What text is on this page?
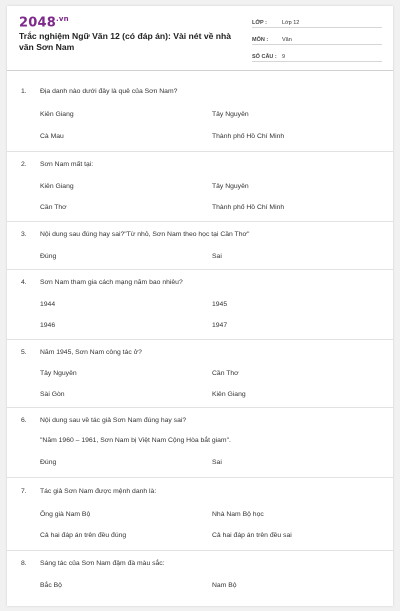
$2048^{.vn}$
Trắc nghiệm Ngữ Văn 12 (có đáp án): Vài nét về nhà văn Sơn Nam
LỚP :	Lớp 12
MÔN :	Văn
SỐ CÂU : 9
1. Địa danh nào dưới đây là quê của Sơn Nam?
Kiên Giang	Tây Nguyên
Cà Mau	Thành phố Hồ Chí Minh
2. Sơn Nam mất tại:
Kiên Giang	Tây Nguyên
Cần Thơ	Thành phố Hồ Chí Minh
3. Nội dung sau đúng hay sai?"Từ nhỏ, Sơn Nam theo học tại Cần Thơ"
Đúng	Sai
4. Sơn Nam tham gia cách mạng năm bao nhiêu?
1944	1945
1946	1947
5. Năm 1945, Sơn Nam công tác ở?
Tây Nguyên	Cần Thơ
Sài Gòn	Kiên Giang
6. Nội dung sau về tác giả Sơn Nam đúng hay sai?
"Năm 1960 – 1961, Sơn Nam bị Việt Nam Cộng Hòa bắt giam".
Đúng	Sai
7. Tác giả Sơn Nam được mệnh danh là:
Ông già Nam Bộ	Nhà Nam Bộ học
Cả hai đáp án trên đều đúng	Cả hai đáp án trên đều sai
8. Sáng tác của Sơn Nam đậm đà màu sắc:
Bắc Bộ	Nam Bộ
